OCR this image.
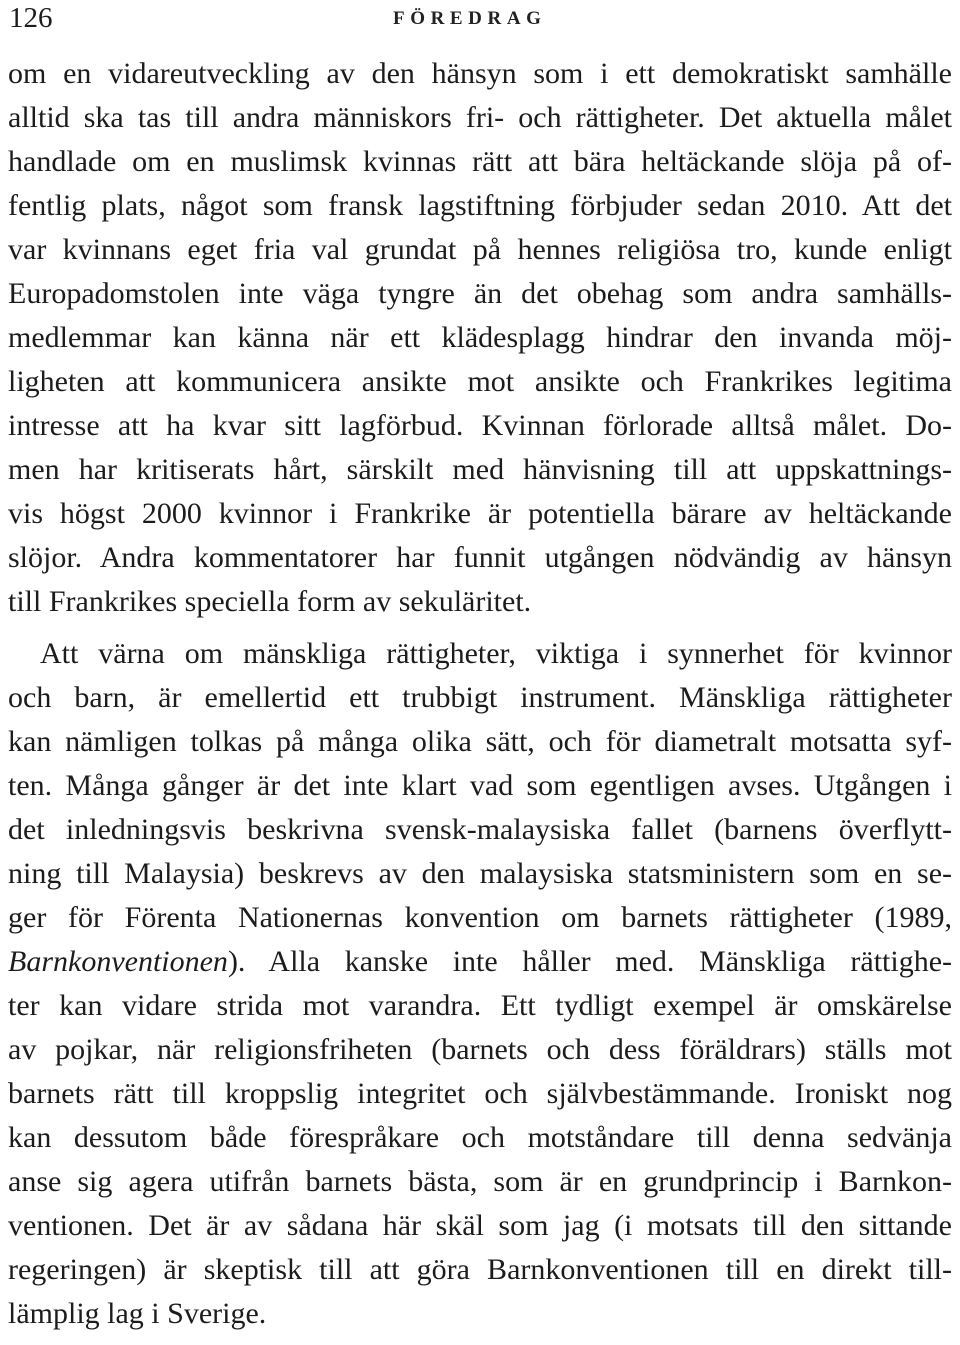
126	FÖREDRAG
om en vidareutveckling av den hänsyn som i ett demokratiskt samhälle
alltid ska tas till andra människors fri- och rättigheter. Det aktuella målet
handlade om en muslimsk kvinnas rätt att bära heltäckande slöja på of-
fentlig plats, något som fransk lagstiftning förbjuder sedan 2010. Att det
var kvinnans eget fria val grundat på hennes religiösa tro, kunde enligt
Europadomstolen inte väga tyngre än det obehag som andra samhälls-
medlemmar kan känna när ett klädesplagg hindrar den invanda möj-
ligheten att kommunicera ansikte mot ansikte och Frankrikes legitima
intresse att ha kvar sitt lagförbud. Kvinnan förlorade alltså målet. Do-
men har kritiserats hårt, särskilt med hänvisning till att uppskattnings-
vis högst 2000 kvinnor i Frankrike är potentiella bärare av heltäckande
slöjor. Andra kommentatorer har funnit utgången nödvändig av hänsyn
till Frankrikes speciella form av sekuläritet.
Att värna om mänskliga rättigheter, viktiga i synnerhet för kvinnor
och barn, är emellertid ett trubbigt instrument. Mänskliga rättigheter
kan nämligen tolkas på många olika sätt, och för diametralt motsatta syf-
ten. Många gånger är det inte klart vad som egentligen avses. Utgången i
det inledningsvis beskrivna svensk-malaysiska fallet (barnens överflytt-
ning till Malaysia) beskrevs av den malaysiska statsministern som en se-
ger för Förenta Nationernas konvention om barnets rättigheter (1989,
Barnkonventionen). Alla kanske inte håller med. Mänskliga rättighe-
ter kan vidare strida mot varandra. Ett tydligt exempel är omskärelse
av pojkar, när religionsfriheten (barnets och dess föräldrars) ställs mot
barnets rätt till kroppslig integritet och självbestämmande. Ironiskt nog
kan dessutom både förespråkare och motståndare till denna sedvänja
anse sig agera utifrån barnets bästa, som är en grundprincip i Barnkon-
ventionen. Det är av sådana här skäl som jag (i motsats till den sittande
regeringen) är skeptisk till att göra Barnkonventionen till en direkt till-
lämplig lag i Sverige.
